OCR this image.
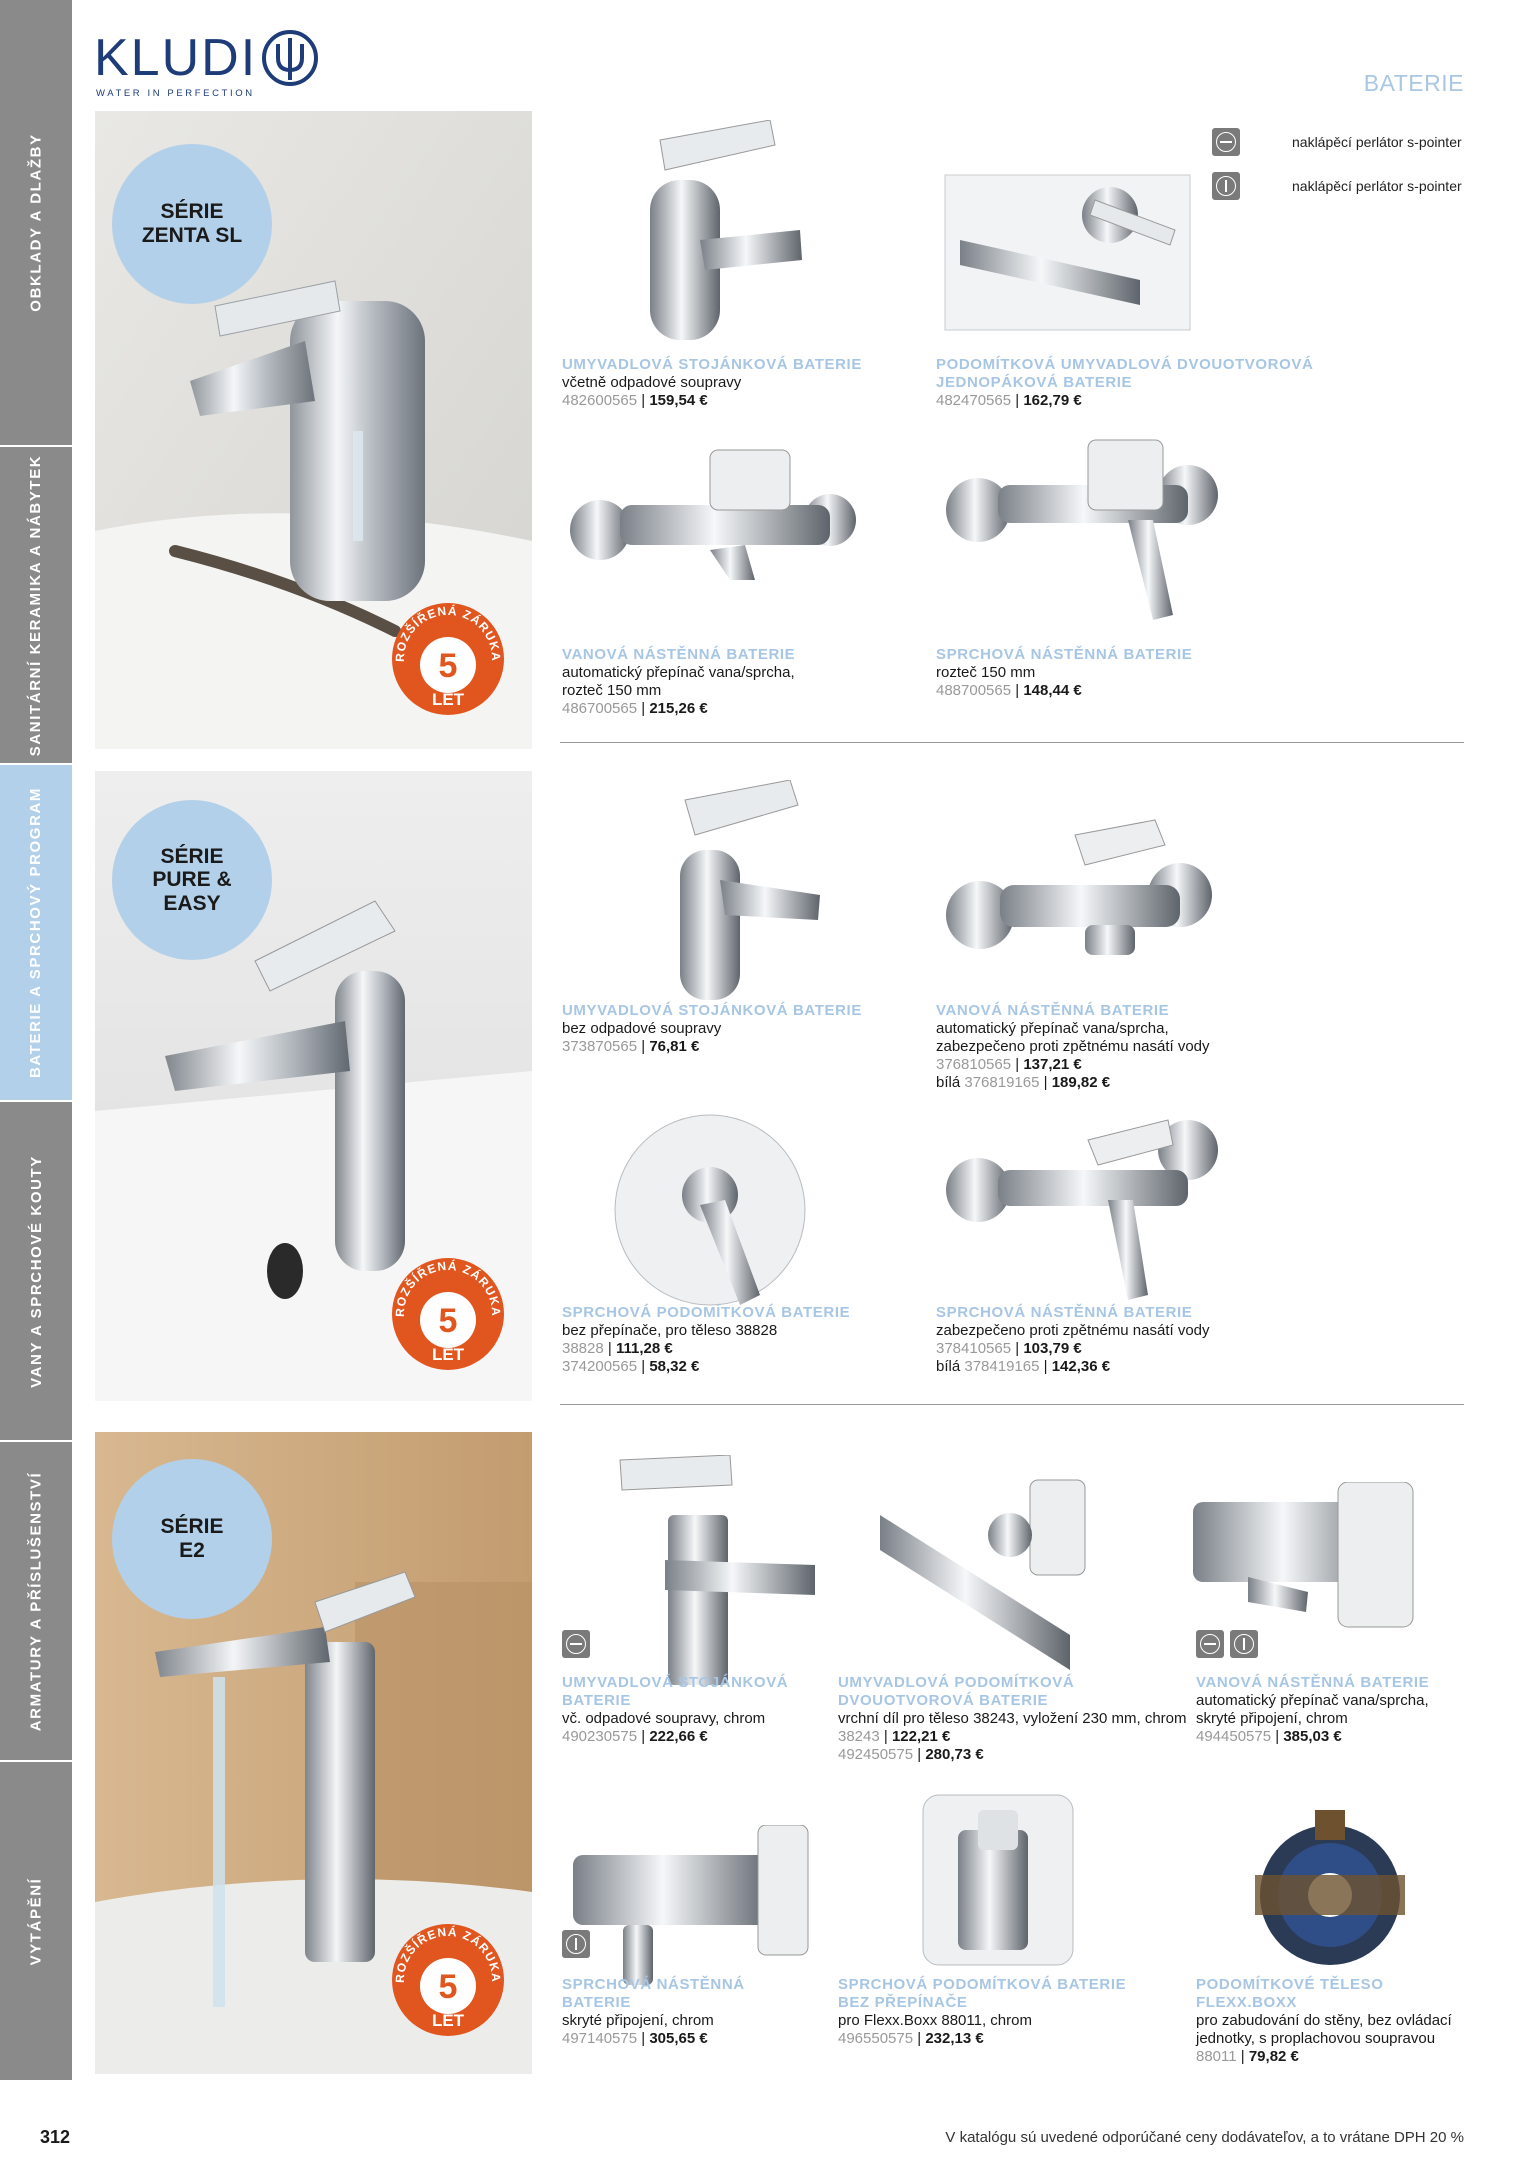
OBKLADY A DLAŽBY
SANITÁRNÍ KERAMIKA A NÁBYTEK
BATERIE A SPRCHOVÝ PROGRAM
VANY A SPRCHOVÉ KOUTY
ARMATURY A PŘÍSLUŠENSTVÍ
VYTÁPĚNÍ
KLUDI
WATER IN PERFECTION	BATERIE
naklápěcí perlátor s-pointer
naklápěcí perlátor s-pointer
SÉRIE
ZENTA SL
SÉRIE
PURE &
EASY
SÉRIE
E2
ROZŠÍŘENÁ ZÁRUKA
5
LET
ROZŠÍŘENÁ ZÁRUKA
5
LET
ROZŠÍŘENÁ ZÁRUKA
5
LET
UMYVADLOVÁ STOJÁNKOVÁ BATERIE
včetně odpadové soupravy
482600565 | 159,54 €
PODOMÍTKOVÁ UMYVADLOVÁ DVOUOTVOROVÁ
JEDNOPÁKOVÁ BATERIE
482470565 | 162,79 €
VANOVÁ NÁSTĚNNÁ BATERIE
automatický přepínač vana/sprcha,
rozteč 150 mm
486700565 | 215,26 €
SPRCHOVÁ NÁSTĚNNÁ BATERIE
rozteč 150 mm
488700565 | 148,44 €
UMYVADLOVÁ STOJÁNKOVÁ BATERIE
bez odpadové soupravy
373870565 | 76,81 €
VANOVÁ NÁSTĚNNÁ BATERIE
automatický přepínač vana/sprcha,
zabezpečeno proti zpětnému nasátí vody
376810565 | 137,21 €
bílá 376819165 | 189,82 €
SPRCHOVÁ PODOMÍTKOVÁ BATERIE
bez přepínače, pro těleso 38828
38828 | 111,28 €
374200565 | 58,32 €
SPRCHOVÁ NÁSTĚNNÁ BATERIE
zabezpečeno proti zpětnému nasátí vody
378410565 | 103,79 €
bílá 378419165 | 142,36 €
UMYVADLOVÁ STOJÁNKOVÁ
BATERIE
vč. odpadové soupravy, chrom
490230575 | 222,66 €
UMYVADLOVÁ PODOMÍTKOVÁ
DVOUOTVOROVÁ BATERIE
vrchní díl pro těleso 38243, vyložení 230 mm, chrom
38243 | 122,21 €
492450575 | 280,73 €
VANOVÁ NÁSTĚNNÁ BATERIE
automatický přepínač vana/sprcha,
skryté připojení, chrom
494450575 | 385,03 €
SPRCHOVÁ NÁSTĚNNÁ
BATERIE
skryté připojení, chrom
497140575 | 305,65 €
SPRCHOVÁ PODOMÍTKOVÁ BATERIE
BEZ PŘEPÍNAČE
pro Flexx.Boxx 88011, chrom
496550575 | 232,13 €
PODOMÍTKOVÉ TĚLESO
FLEXX.BOXX
pro zabudování do stěny, bez ovládací
jednotky, s proplachovou soupravou
88011 | 79,82 €
312	V katalógu sú uvedené odporúčané ceny dodávateľov, a to vrátane DPH 20 %
